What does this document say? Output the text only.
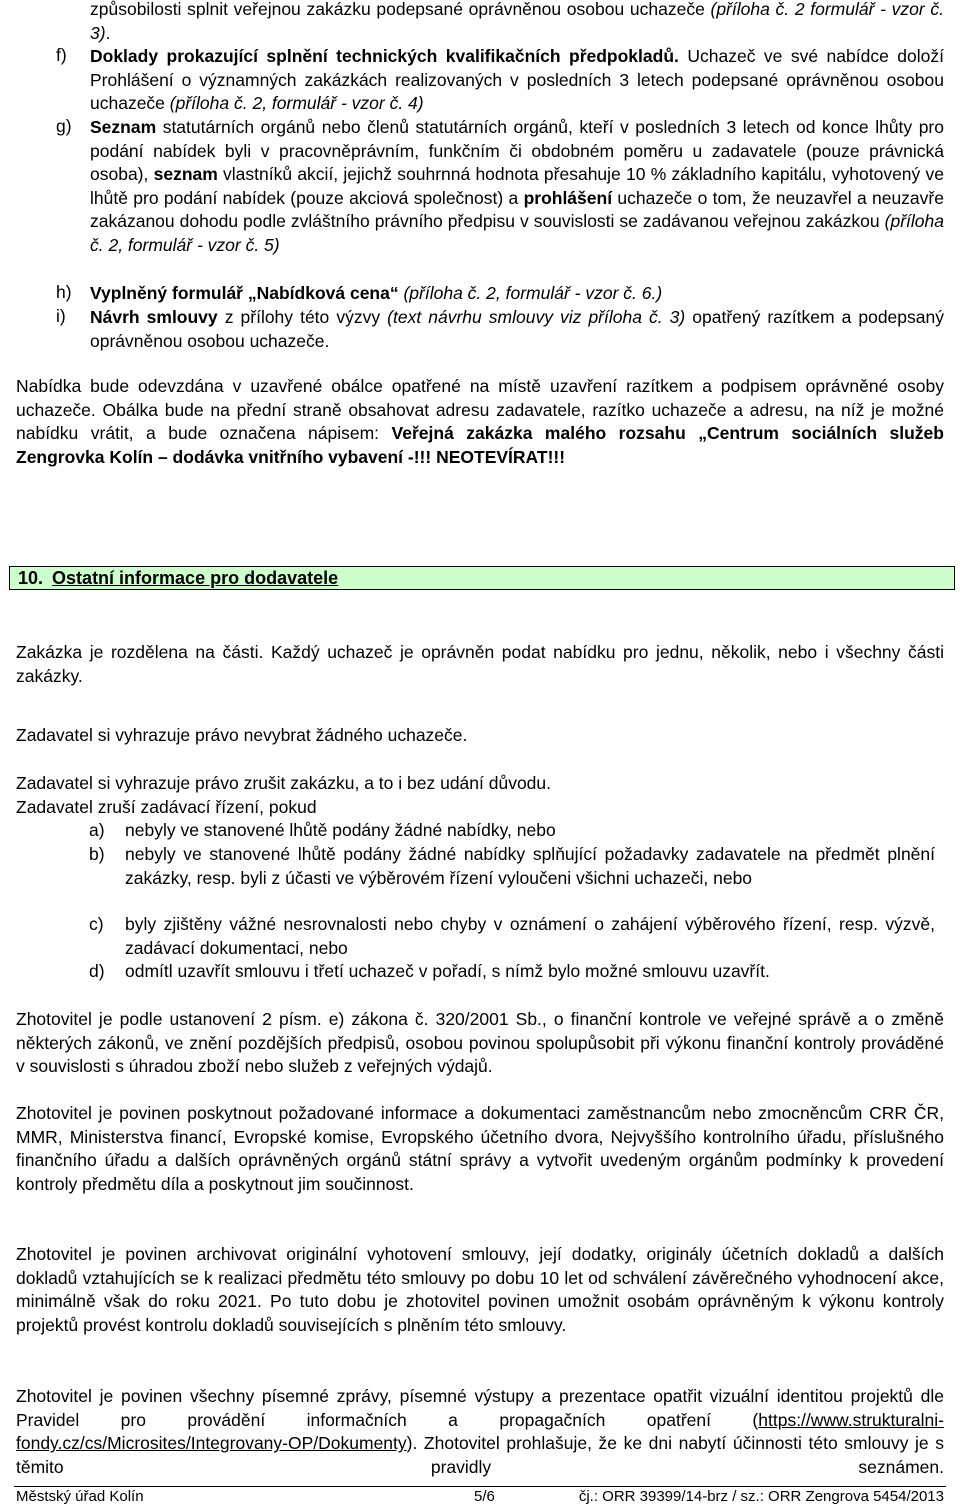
způsobilosti splnit veřejnou zakázku podepsané oprávněnou osobou uchazeče (příloha č. 2 formulář - vzor č. 3).
f) Doklady prokazující splnění technických kvalifikačních předpokladů. Uchazeč ve své nabídce doloží Prohlášení o významných zakázkách realizovaných v posledních 3 letech podepsané oprávněnou osobou uchazeče (příloha č. 2, formulář - vzor č. 4)
g) Seznam statutárních orgánů nebo členů statutárních orgánů, kteří v posledních 3 letech od konce lhůty pro podání nabídek byli v pracovněprávním, funkčním či obdobném poměru u zadavatele (pouze právnická osoba), seznam vlastníků akcií, jejichž souhrnná hodnota přesahuje 10 % základního kapitálu, vyhotovený ve lhůtě pro podání nabídek (pouze akciová společnost) a prohlášení uchazeče o tom, že neuzavřel a neuzavře zakázanou dohodu podle zvláštního právního předpisu v souvislosti se zadávanou veřejnou zakázkou (příloha č. 2, formulář - vzor č. 5)
h) Vyplněný formulář „Nabídková cena“ (příloha č. 2, formulář - vzor č. 6.)
i) Návrh smlouvy z přílohy této výzvy (text návrhu smlouvy viz příloha č. 3) opatřený razítkem a podepsaný oprávněnou osobou uchazeče.
Nabídka bude odevzdána v uzavřené obálce opatřené na místě uzavření razítkem a podpisem oprávněné osoby uchazeče. Obálka bude na přední straně obsahovat adresu zadavatele, razítko uchazeče a adresu, na níž je možné nabídku vrátit, a bude označena nápisem: Veřejná zakázka malého rozsahu „Centrum sociálních služeb Zengrovka Kolín – dodávka vnitřního vybavení -!!! NEOTEVÍRAT!!!
10. Ostatní informace pro dodavatele
Zakázka je rozdělena na části. Každý uchazeč je oprávněn podat nabídku pro jednu, několik, nebo i všechny části zakázky.
Zadavatel si vyhrazuje právo nevybrat žádného uchazeče.
Zadavatel si vyhrazuje právo zrušit zakázku, a to i bez udání důvodu.
Zadavatel zruší zadávací řízení, pokud
a) nebyly ve stanovené lhůtě podány žádné nabídky, nebo
b) nebyly ve stanovené lhůtě podány žádné nabídky splňující požadavky zadavatele na předmět plnění zakázky, resp. byli z účasti ve výběrovém řízení vyloučeni všichni uchazeči, nebo
c) byly zjištěny vážné nesrovnalosti nebo chyby v oznámení o zahájení výběrového řízení, resp. výzvě, zadávací dokumentaci, nebo
d) odmítl uzavřít smlouvu i třetí uchazeč v pořadí, s nímž bylo možné smlouvu uzavřít.
Zhotovitel je podle ustanovení 2 písm. e) zákona č. 320/2001 Sb., o finanční kontrole ve veřejné správě a o změně některých zákonů, ve znění pozdějších předpisů, osobou povinou spolupůsobit při výkonu finanční kontroly prováděné v souvislosti s úhradou zboží nebo služeb z veřejných výdajů.
Zhotovitel je povinen poskytnout požadované informace a dokumentaci zaměstnancům nebo zmocněncům CRR ČR, MMR, Ministerstva financí, Evropské komise, Evropského účetního dvora, Nejvyššího kontrolního úřadu, příslušného finančního úřadu a dalších oprávněných orgánů státní správy a vytvořit uvedeným orgánům podmínky k provedení kontroly předmětu díla a poskytnout jim součinnost.
Zhotovitel je povinen archivovat originální vyhotovení smlouvy, její dodatky, originály účetních dokladů a dalších dokladů vztahujících se k realizaci předmětu této smlouvy po dobu 10 let od schválení závěrečného vyhodnocení akce, minimálně však do roku 2021. Po tuto dobu je zhotovitel povinen umožnit osobám oprávněným k výkonu kontroly projektů provést kontrolu dokladů souvisejících s plněním této smlouvy.
Zhotovitel je povinen všechny písemné zprávy, písemné výstupy a prezentace opatřit vizuální identitou projektů dle Pravidel pro provádění informačních a propagačních opatření (https://www.strukturalni-fondy.cz/cs/Microsites/Integrovany-OP/Dokumenty). Zhotovitel prohlašuje, že ke dni nabytí účinnosti této smlouvy je s těmito pravidly seznámen.
Městský úřad Kolín	5/6	čj.: ORR 39399/14-brz / sz.: ORR Zengrova 5454/2013
